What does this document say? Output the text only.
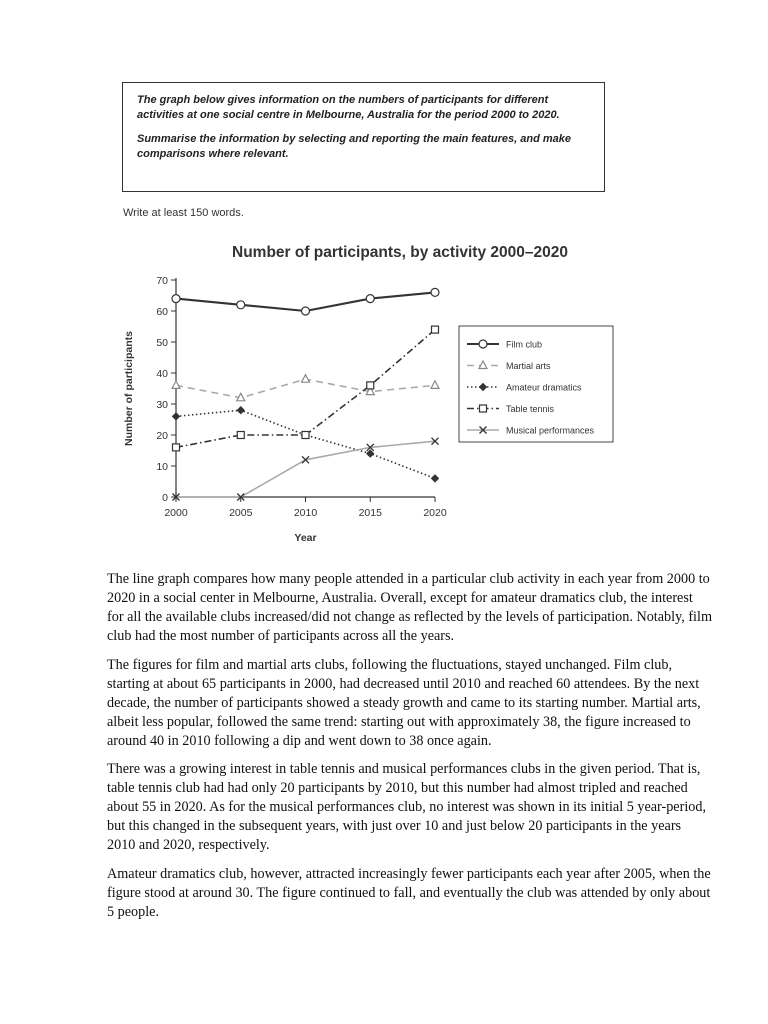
The graph below gives information on the numbers of participants for different activities at one social centre in Melbourne, Australia for the period 2000 to 2020.

Summarise the information by selecting and reporting the main features, and make comparisons where relevant.

Write at least 150 words.
Number of participants, by activity 2000–2020
0
10
20
30
40
50
60
70
2000	2005	2010	2015	2020
Year
Number of participants	Film club
Martial arts
Amateur dramatics
Table tennis
Musical performances

The line graph compares how many people attended in a particular club activity in each year from 2000 to 2020 in a social center in Melbourne, Australia. Overall, except for amateur dramatics club, the interest for all the available clubs increased/did not change as reflected by the levels of participation. Notably, film club had the most number of participants across all the years.

The figures for film and martial arts clubs, following the fluctuations, stayed unchanged. Film club, starting at about 65 participants in 2000, had decreased until 2010 and reached 60 attendees. By the next decade, the number of participants showed a steady growth and came to its starting number. Martial arts, albeit less popular, followed the same trend: starting out with approximately 38, the figure increased to around 40 in 2010 following a dip and went down to 38 once again.

There was a growing interest in table tennis and musical performances clubs in the given period. That is, table tennis club had had only 20 participants by 2010, but this number had almost tripled and reached about 55 in 2020. As for the musical performances club, no interest was shown in its initial 5 year-period, but this changed in the subsequent years, with just over 10 and just below 20 participants in the years 2010 and 2020, respectively.

Amateur dramatics club, however, attracted increasingly fewer participants each year after 2005, when the figure stood at around 30. The figure continued to fall, and eventually the club was attended by only about 5 people.
